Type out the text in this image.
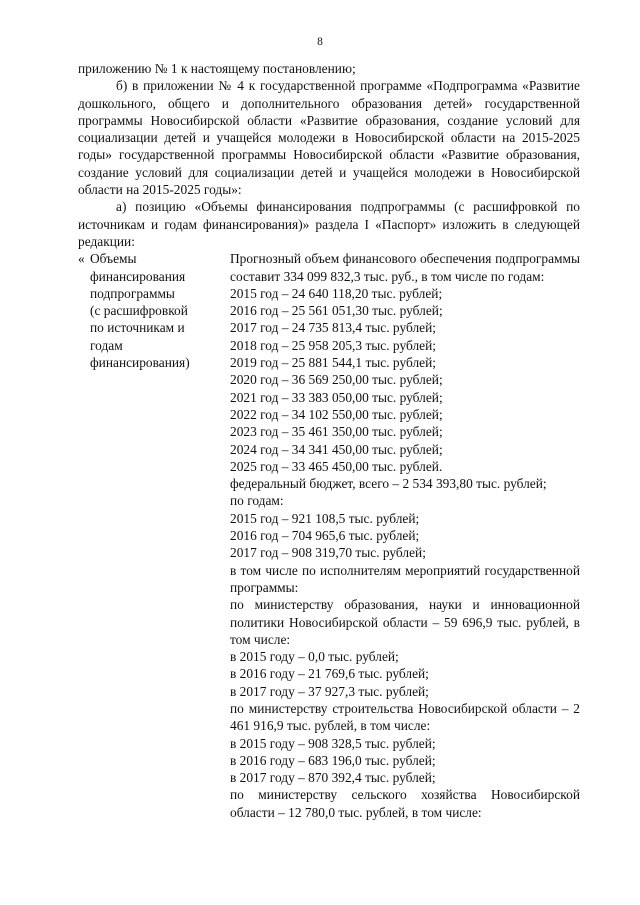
8

приложению № 1 к настоящему постановлению;

б) в приложении № 4 к государственной программе «Подпрограмма «Развитие дошкольного, общего и дополнительного образования детей» государственной программы Новосибирской области «Развитие образования, создание условий для социализации детей и учащейся молодежи в Новосибирской области на 2015-2025 годы» государственной программы Новосибирской области «Развитие образования, создание условий для социализации детей и учащейся молодежи в Новосибирской области на 2015-2025 годы»:

а) позицию «Объемы финансирования подпрограммы (с расшифровкой по источникам и годам финансирования)» раздела I «Паспорт» изложить в следующей редакции:

« Объемы
финансирования
подпрограммы
(с расшифровкой
по источникам и
годам
финансирования)
Прогнозный объем финансового обеспечения подпрограммы составит 334 099 832,3 тыс. руб., в том числе по годам:
2015 год – 24 640 118,20 тыс. рублей;
2016 год – 25 561 051,30 тыс. рублей;
2017 год – 24 735 813,4 тыс. рублей;
2018 год – 25 958 205,3 тыс. рублей;
2019 год – 25 881 544,1 тыс. рублей;
2020 год – 36 569 250,00 тыс. рублей;
2021 год – 33 383 050,00 тыс. рублей;
2022 год – 34 102 550,00 тыс. рублей;
2023 год – 35 461 350,00 тыс. рублей;
2024 год – 34 341 450,00 тыс. рублей;
2025 год – 33 465 450,00 тыс. рублей.
федеральный бюджет, всего – 2 534 393,80 тыс. рублей;
по годам:
2015 год – 921 108,5 тыс. рублей;
2016 год – 704 965,6 тыс. рублей;
2017 год – 908 319,70 тыс. рублей;
в том числе по исполнителям мероприятий государственной программы:
по министерству образования, науки и инновационной политики Новосибирской области – 59 696,9 тыс. рублей, в том числе:
в 2015 году – 0,0 тыс. рублей;
в 2016 году – 21 769,6 тыс. рублей;
в 2017 году – 37 927,3 тыс. рублей;
по министерству строительства Новосибирской области – 2 461 916,9 тыс. рублей, в том числе:
в 2015 году – 908 328,5 тыс. рублей;
в 2016 году – 683 196,0 тыс. рублей;
в 2017 году – 870 392,4 тыс. рублей;
по министерству сельского хозяйства Новосибирской области – 12 780,0 тыс. рублей, в том числе:
